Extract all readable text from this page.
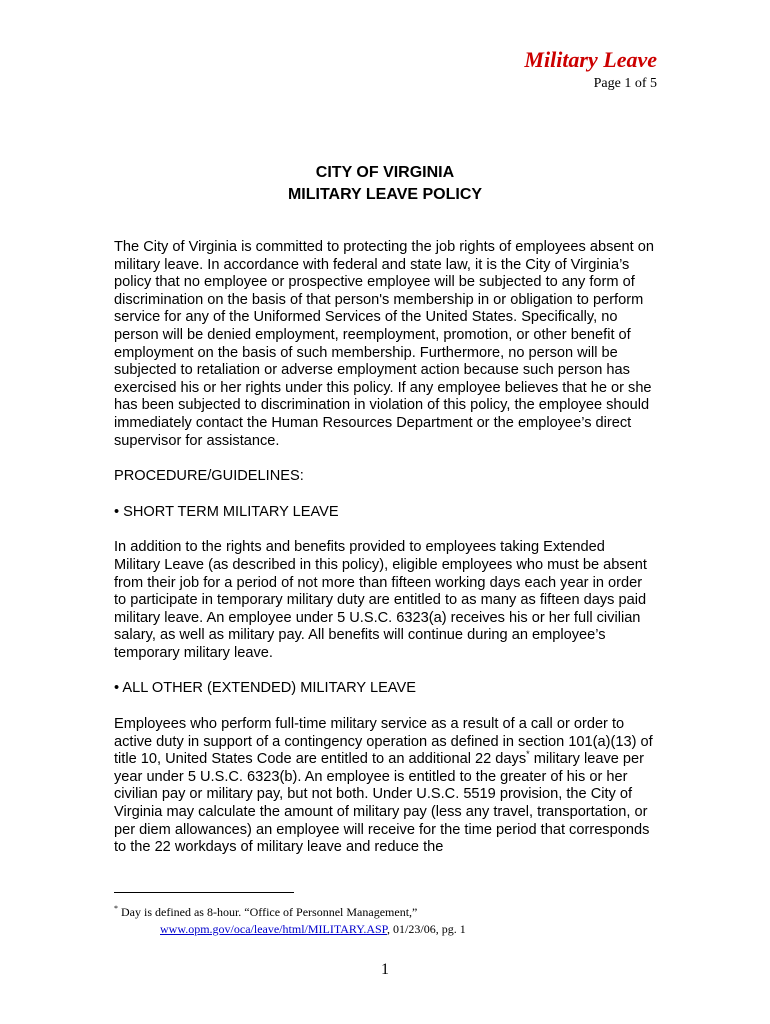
Military Leave
Page 1 of 5
CITY OF VIRGINIA
MILITARY LEAVE POLICY

The City of Virginia is committed to protecting the job rights of employees absent on military leave. In accordance with federal and state law, it is the City of Virginia’s policy that no employee or prospective employee will be subjected to any form of discrimination on the basis of that person's membership in or obligation to perform service for any of the Uniformed Services of the United States. Specifically, no person will be denied employment, reemployment, promotion, or other benefit of employment on the basis of such membership. Furthermore, no person will be subjected to retaliation or adverse employment action because such person has exercised his or her rights under this policy. If any employee believes that he or she has been subjected to discrimination in violation of this policy, the employee should immediately contact the Human Resources Department or the employee’s direct supervisor for assistance.

PROCEDURE/GUIDELINES:

• SHORT TERM MILITARY LEAVE

In addition to the rights and benefits provided to employees taking Extended Military Leave (as described in this policy), eligible employees who must be absent from their job for a period of not more than fifteen working days each year in order to participate in temporary military duty are entitled to as many as fifteen days paid military leave. An employee under 5 U.S.C. 6323(a) receives his or her full civilian salary, as well as military pay. All benefits will continue during an employee’s temporary military leave.

• ALL OTHER (EXTENDED) MILITARY LEAVE

Employees who perform full-time military service as a result of a call or order to active duty in support of a contingency operation as defined in section 101(a)(13) of title 10, United States Code are entitled to an additional 22 days* military leave per year under 5 U.S.C. 6323(b). An employee is entitled to the greater of his or her civilian pay or military pay, but not both. Under U.S.C. 5519 provision, the City of Virginia may calculate the amount of military pay (less any travel, transportation, or per diem allowances) an employee will receive for the time period that corresponds to the 22 workdays of military leave and reduce the

* Day is defined as 8-hour. “Office of Personnel Management,”
www.opm.gov/oca/leave/html/MILITARY.ASP, 01/23/06, pg. 1
1
